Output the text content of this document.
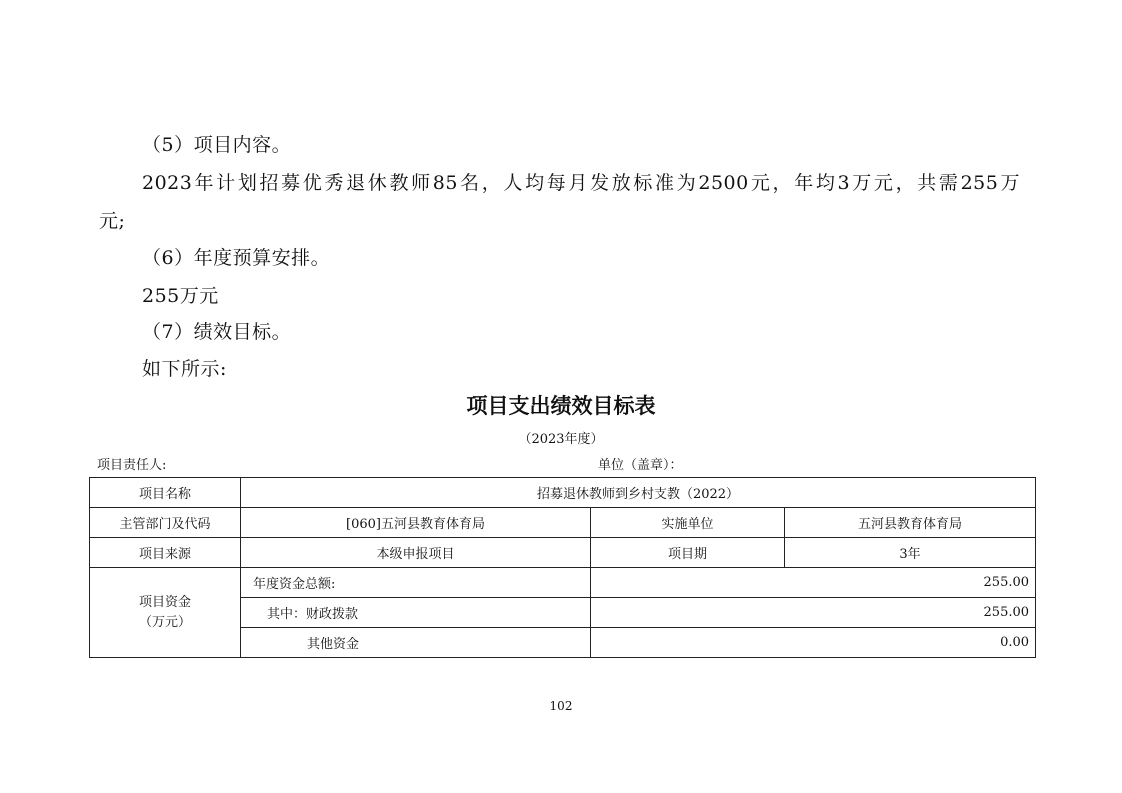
（5）项目内容。
2023年计划招募优秀退休教师85名，人均每月发放标准为2500元，年均3万元，共需255万
元;
（6）年度预算安排。
255万元
（7）绩效目标。
如下所示:
项目支出绩效目标表
（2023年度）
项目责任人:	单位（盖章）：
项目名称	招募退休教师到乡村支教（2022）		
主管部门及代码	[060]五河县教育体育局	实施单位	五河县教育体育局
项目来源	本级申报项目	项目期	3年

项目资金
（万元）	年度资金总额:	255.00	
	其中：财政拨款	255.00	
	其他资金	0.00	
102
